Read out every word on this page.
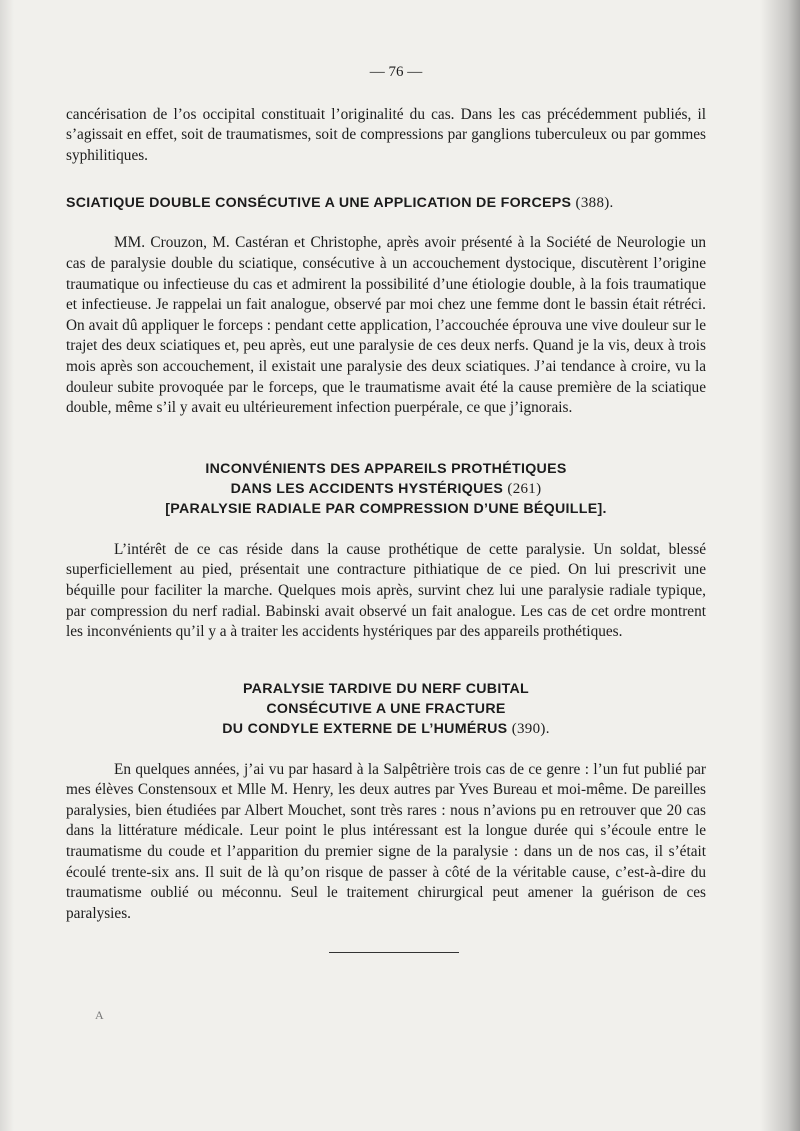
— 76 —

cancérisation de l’os occipital constituait l’originalité du cas. Dans les cas précédemment publiés, il s’agissait en effet, soit de traumatismes, soit de compressions par ganglions tuberculeux ou par gommes syphilitiques.

SCIATIQUE DOUBLE CONSÉCUTIVE A UNE APPLICATION DE FORCEPS (388).

MM. Crouzon, M. Castéran et Christophe, après avoir présenté à la Société de Neurologie un cas de paralysie double du sciatique, consécutive à un accouchement dystocique, discutèrent l’origine traumatique ou infectieuse du cas et admirent la possibilité d’une étiologie double, à la fois traumatique et infectieuse. Je rappelai un fait analogue, observé par moi chez une femme dont le bassin était rétréci. On avait dû appliquer le forceps : pendant cette application, l’accouchée éprouva une vive douleur sur le trajet des deux sciatiques et, peu après, eut une paralysie de ces deux nerfs. Quand je la vis, deux à trois mois après son accouchement, il existait une paralysie des deux sciatiques. J’ai tendance à croire, vu la douleur subite provoquée par le forceps, que le traumatisme avait été la cause première de la sciatique double, même s’il y avait eu ultérieurement infection puerpérale, ce que j’ignorais.

INCONVÉNIENTS DES APPAREILS PROTHÉTIQUES
DANS LES ACCIDENTS HYSTÉRIQUES (261)
[PARALYSIE RADIALE PAR COMPRESSION D’UNE BÉQUILLE].

L’intérêt de ce cas réside dans la cause prothétique de cette paralysie. Un soldat, blessé superficiellement au pied, présentait une contracture pithiatique de ce pied. On lui prescrivit une béquille pour faciliter la marche. Quelques mois après, survint chez lui une paralysie radiale typique, par compression du nerf radial. Babinski avait observé un fait analogue. Les cas de cet ordre montrent les inconvénients qu’il y a à traiter les accidents hystériques par des appareils prothétiques.

PARALYSIE TARDIVE DU NERF CUBITAL
CONSÉCUTIVE A UNE FRACTURE
DU CONDYLE EXTERNE DE L’HUMÉRUS (390).

En quelques années, j’ai vu par hasard à la Salpêtrière trois cas de ce genre : l’un fut publié par mes élèves Constensoux et Mlle M. Henry, les deux autres par Yves Bureau et moi-même. De pareilles paralysies, bien étudiées par Albert Mouchet, sont très rares : nous n’avions pu en retrouver que 20 cas dans la littérature médicale. Leur point le plus intéressant est la longue durée qui s’écoule entre le traumatisme du coude et l’apparition du premier signe de la paralysie : dans un de nos cas, il s’était écoulé trente-six ans. Il suit de là qu’on risque de passer à côté de la véritable cause, c’est-à-dire du traumatisme oublié ou méconnu. Seul le traitement chirurgical peut amener la guérison de ces paralysies.

A
